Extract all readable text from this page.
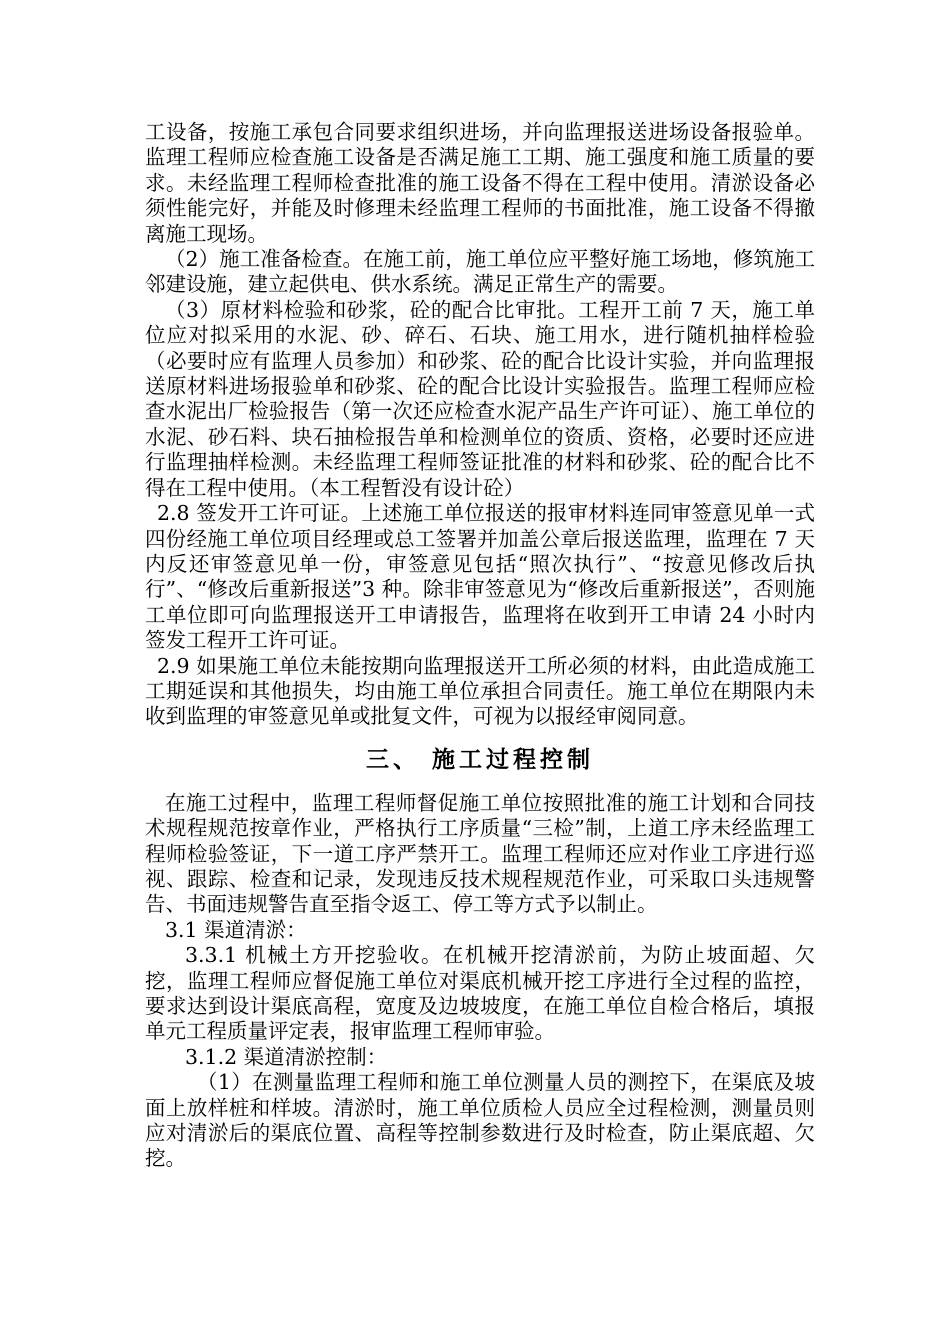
工设备，按施工承包合同要求组织进场，并向监理报送进场设备报验单。监理工程师应检查施工设备是否满足施工工期、施工强度和施工质量的要求。未经监理工程师检查批准的施工设备不得在工程中使用。清淤设备必须性能完好，并能及时修理未经监理工程师的书面批准，施工设备不得撤离施工现场。

（2）施工准备检查。在施工前，施工单位应平整好施工场地，修筑施工邻建设施，建立起供电、供水系统。满足正常生产的需要。

（3）原材料检验和砂浆，砼的配合比审批。工程开工前 7 天，施工单位应对拟采用的水泥、砂、碎石、石块、施工用水，进行随机抽样检验（必要时应有监理人员参加）和砂浆、砼的配合比设计实验，并向监理报送原材料进场报验单和砂浆、砼的配合比设计实验报告。监理工程师应检查水泥出厂检验报告（第一次还应检查水泥产品生产许可证）、施工单位的水泥、砂石料、块石抽检报告单和检测单位的资质、资格，必要时还应进行监理抽样检测。未经监理工程师签证批准的材料和砂浆、砼的配合比不得在工程中使用。（本工程暂没有设计砼）

2.8 签发开工许可证。上述施工单位报送的报审材料连同审签意见单一式四份经施工单位项目经理或总工签署并加盖公章后报送监理，监理在 7 天内反还审签意见单一份，审签意见包括“照次执行”、“按意见修改后执行”、“修改后重新报送”3 种。除非审签意见为“修改后重新报送”，否则施工单位即可向监理报送开工申请报告，监理将在收到开工申请 24 小时内签发工程开工许可证。

2.9 如果施工单位未能按期向监理报送开工所必须的材料，由此造成施工工期延误和其他损失，均由施工单位承担合同责任。施工单位在期限内未收到监理的审签意见单或批复文件，可视为以报经审阅同意。

三、 施工过程控制

在施工过程中，监理工程师督促施工单位按照批准的施工计划和合同技术规程规范按章作业，严格执行工序质量“三检”制，上道工序未经监理工程师检验签证，下一道工序严禁开工。监理工程师还应对作业工序进行巡视、跟踪、检查和记录，发现违反技术规程规范作业，可采取口头违规警告、书面违规警告直至指令返工、停工等方式予以制止。

3.1 渠道清淤：

3.3.1 机械土方开挖验收。在机械开挖清淤前，为防止坡面超、欠挖，监理工程师应督促施工单位对渠底机械开挖工序进行全过程的监控，要求达到设计渠底高程，宽度及边坡坡度，在施工单位自检合格后，填报单元工程质量评定表，报审监理工程师审验。

3.1.2 渠道清淤控制：

（1）在测量监理工程师和施工单位测量人员的测控下，在渠底及坡面上放样桩和样坡。清淤时，施工单位质检人员应全过程检测，测量员则应对清淤后的渠底位置、高程等控制参数进行及时检查，防止渠底超、欠挖。
